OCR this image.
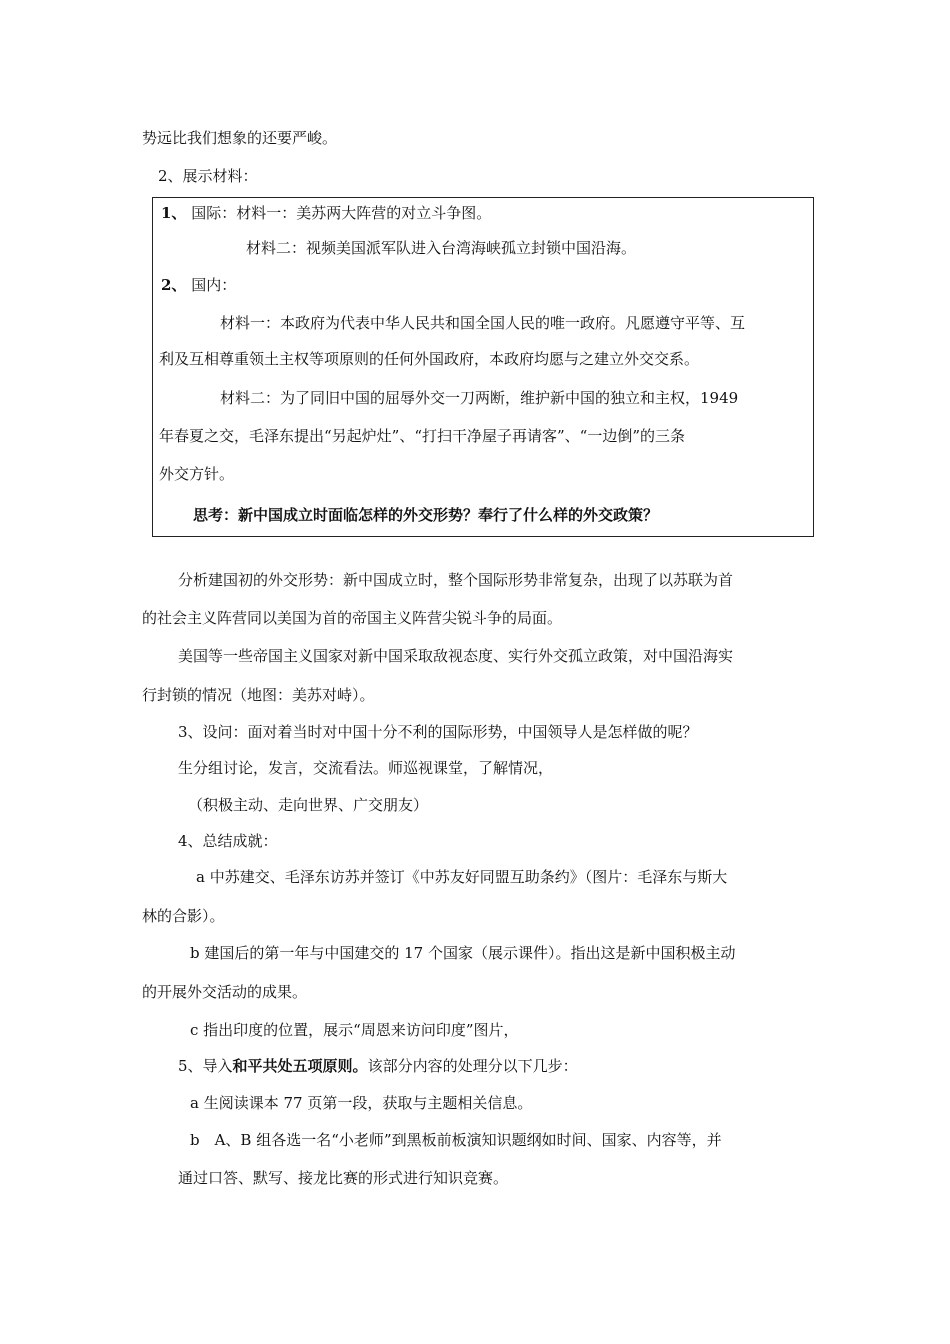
势远比我们想象的还要严峻。
2、展示材料：
1、 国际：材料一：美苏两大阵营的对立斗争图。
材料二：视频美国派军队进入台湾海峡孤立封锁中国沿海。
2、 国内：
材料一：本政府为代表中华人民共和国全国人民的唯一政府。凡愿遵守平等、互
利及互相尊重领土主权等项原则的任何外国政府，本政府均愿与之建立外交交系。
材料二：为了同旧中国的屈辱外交一刀两断，维护新中国的独立和主权，1949
年春夏之交，毛泽东提出“另起炉灶”、“打扫干净屋子再请客”、“一边倒”的三条
外交方针。
思考：新中国成立时面临怎样的外交形势？奉行了什么样的外交政策？
分析建国初的外交形势：新中国成立时，整个国际形势非常复杂，出现了以苏联为首
的社会主义阵营同以美国为首的帝国主义阵营尖锐斗争的局面。
美国等一些帝国主义国家对新中国采取敌视态度、实行外交孤立政策，对中国沿海实
行封锁的情况（地图：美苏对峙）。
3、设问：面对着当时对中国十分不利的国际形势，中国领导人是怎样做的呢？
生分组讨论，发言，交流看法。师巡视课堂，了解情况，
（积极主动、走向世界、广交朋友）
4、总结成就：
a 中苏建交、毛泽东访苏并签订《中苏友好同盟互助条约》（图片：毛泽东与斯大
林的合影）。
b 建国后的第一年与中国建交的 17 个国家（展示课件）。指出这是新中国积极主动
的开展外交活动的成果。
c 指出印度的位置，展示“周恩来访问印度”图片，
5、导入和平共处五项原则。该部分内容的处理分以下几步：
a 生阅读课本 77 页第一段，获取与主题相关信息。
b　A、B 组各选一名“小老师”到黑板前板演知识题纲如时间、国家、内容等，并
通过口答、默写、接龙比赛的形式进行知识竞赛。
